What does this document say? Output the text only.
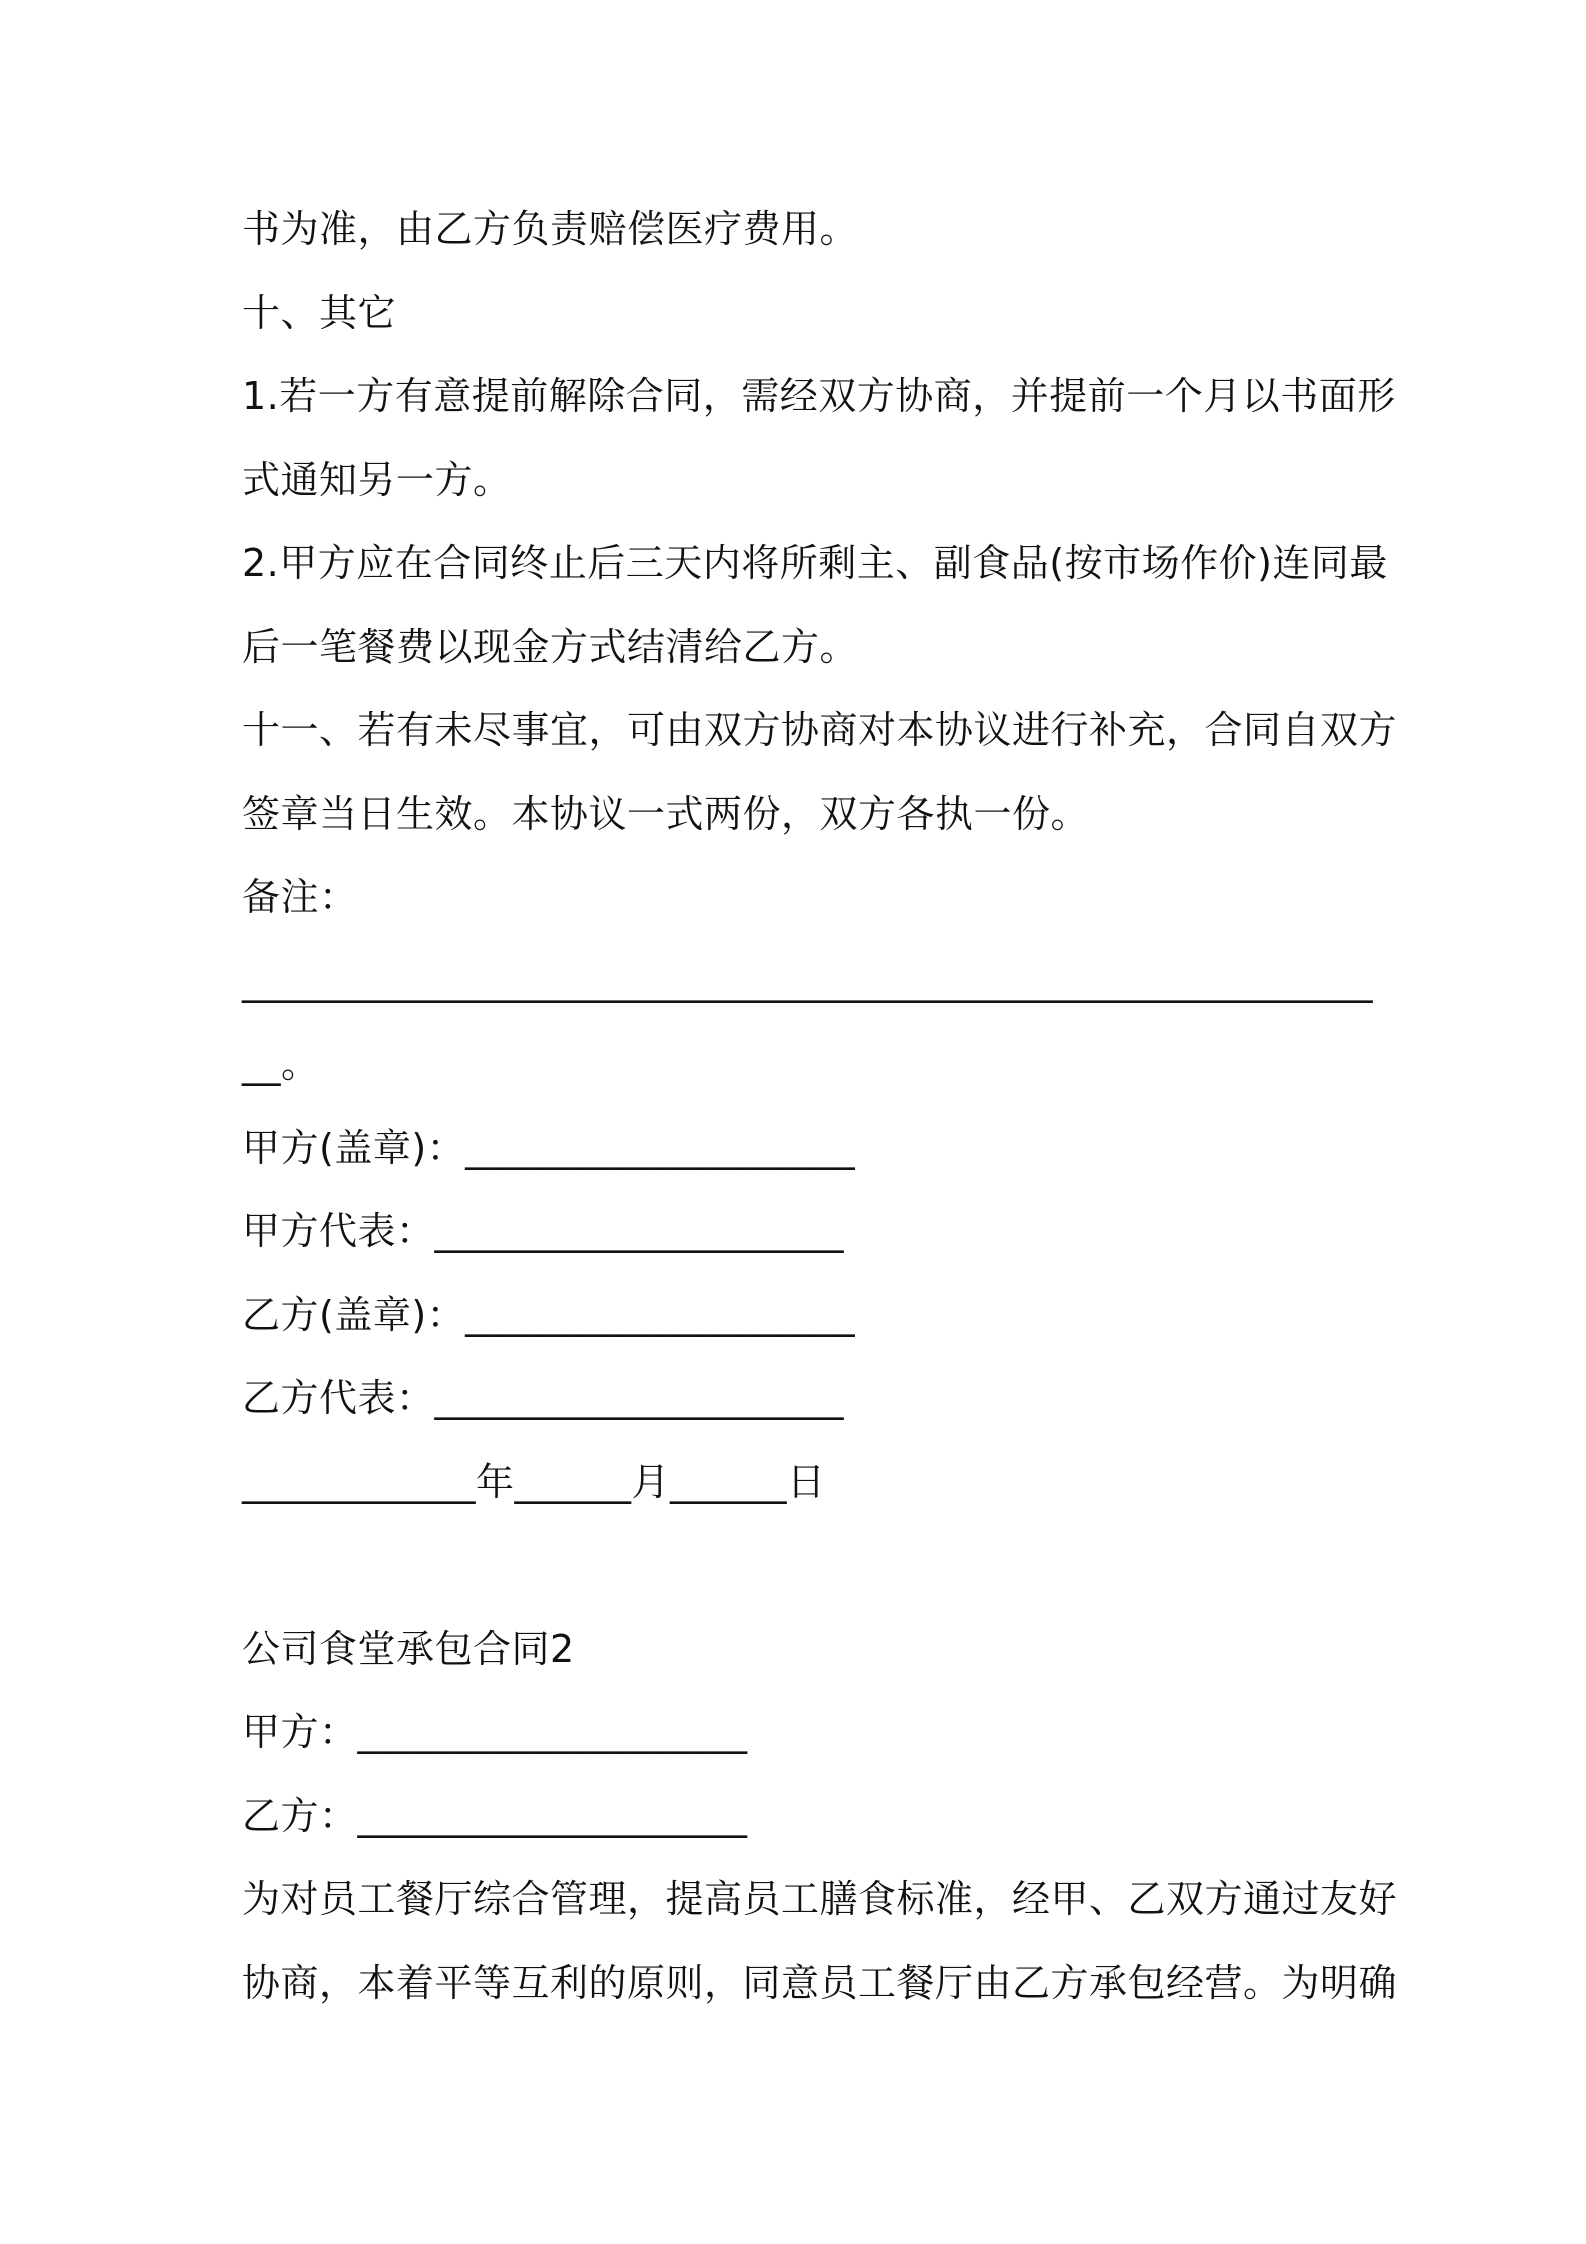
书为准，由乙方负责赔偿医疗费用。
十、其它
1.若一方有意提前解除合同，需经双方协商，并提前一个月以书面形
式通知另一方。
2.甲方应在合同终止后三天内将所剩主、副食品(按市场作价)连同最
后一笔餐费以现金方式结清给乙方。
十一、若有未尽事宜，可由双方协商对本协议进行补充，合同自双方
签章当日生效。本协议一式两份，双方各执一份。
备注：
__________________________________________________________
__。
甲方(盖章)：____________________
甲方代表：_____________________
乙方(盖章)：____________________
乙方代表：_____________________
____________年______月______日
公司食堂承包合同2
甲方：____________________
乙方：____________________
为对员工餐厅综合管理，提高员工膳食标准，经甲、乙双方通过友好
协商，本着平等互利的原则，同意员工餐厅由乙方承包经营。为明确
